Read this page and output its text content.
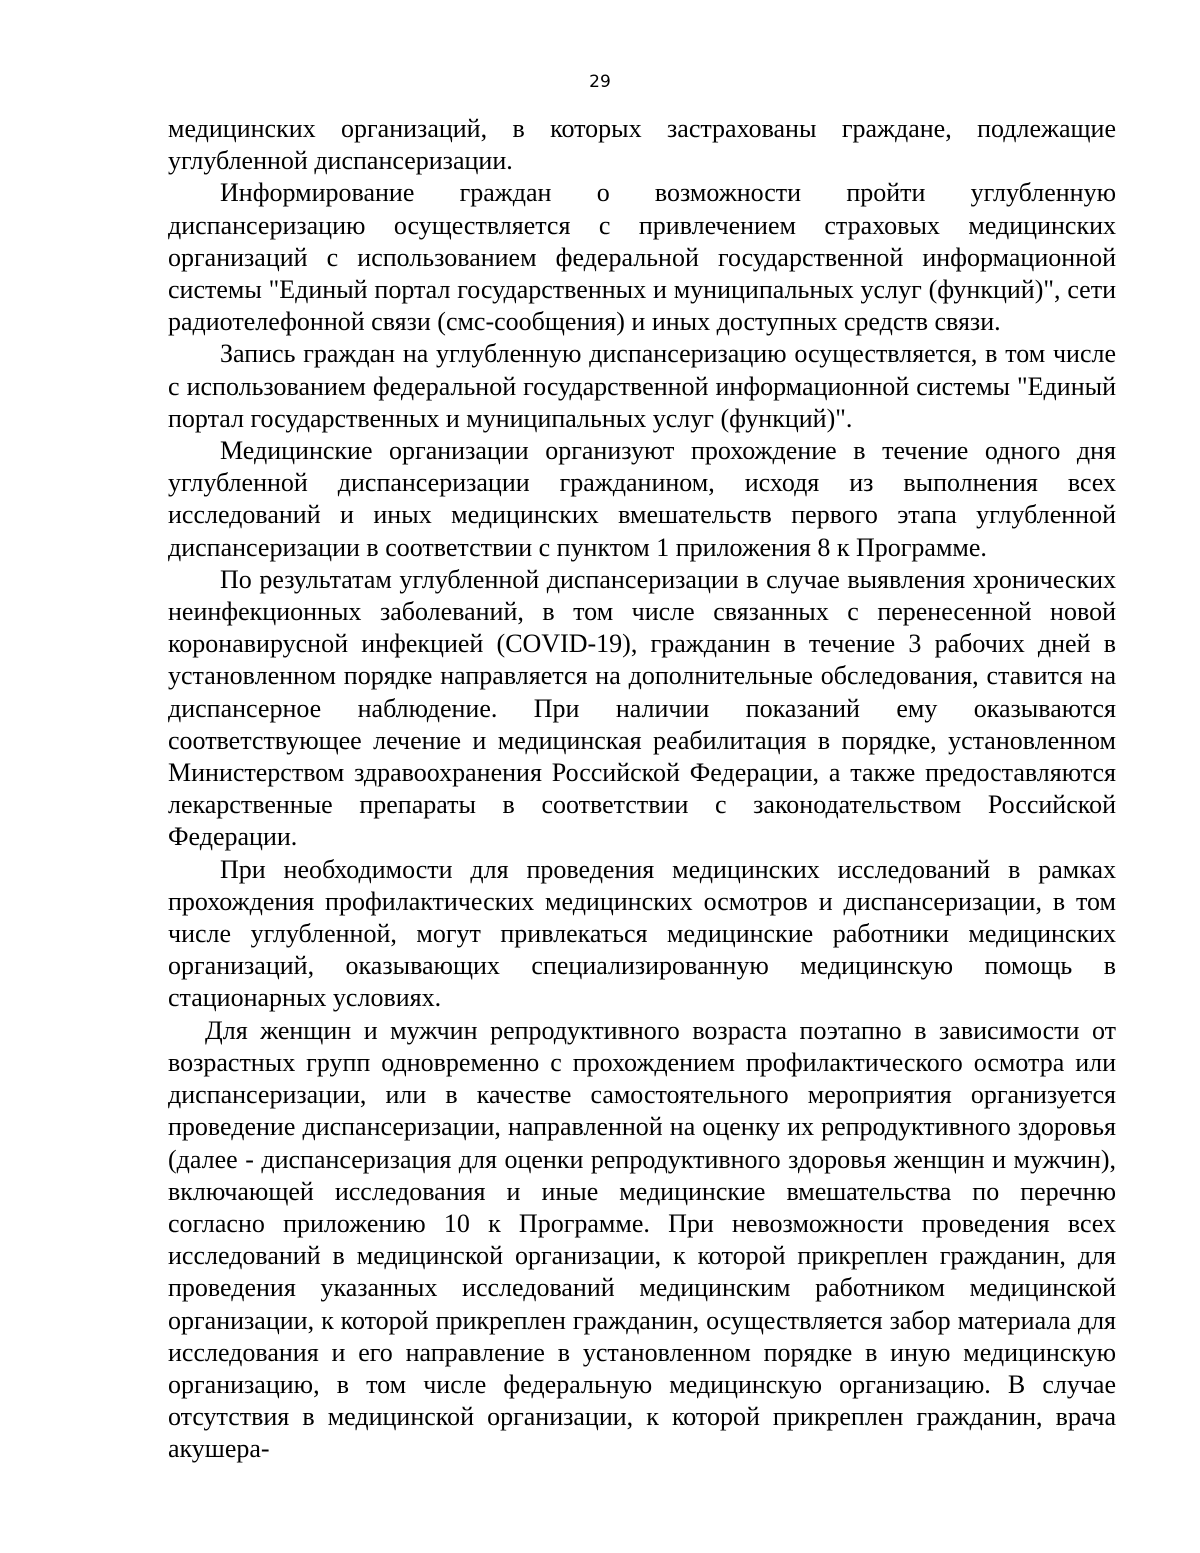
29

медицинских организаций, в которых застрахованы граждане, подлежащие углубленной диспансеризации.

Информирование граждан о возможности пройти углубленную диспансеризацию осуществляется с привлечением страховых медицинских организаций с использованием федеральной государственной информационной системы "Единый портал государственных и муниципальных услуг (функций)", сети радиотелефонной связи (смс-сообщения) и иных доступных средств связи.

Запись граждан на углубленную диспансеризацию осуществляется, в том числе с использованием федеральной государственной информационной системы "Единый портал государственных и муниципальных услуг (функций)".

Медицинские организации организуют прохождение в течение одного дня углубленной диспансеризации гражданином, исходя из выполнения всех исследований и иных медицинских вмешательств первого этапа углубленной диспансеризации в соответствии с пунктом 1 приложения 8 к Программе.

По результатам углубленной диспансеризации в случае выявления хронических неинфекционных заболеваний, в том числе связанных с перенесенной новой коронавирусной инфекцией (COVID-19), гражданин в течение 3 рабочих дней в установленном порядке направляется на дополнительные обследования, ставится на диспансерное наблюдение. При наличии показаний ему оказываются соответствующее лечение и медицинская реабилитация в порядке, установленном Министерством здравоохранения Российской Федерации, а также предоставляются лекарственные препараты в соответствии с законодательством Российской Федерации.

При необходимости для проведения медицинских исследований в рамках прохождения профилактических медицинских осмотров и диспансеризации, в том числе углубленной, могут привлекаться медицинские работники медицинских организаций, оказывающих специализированную медицинскую помощь в стационарных условиях.

Для женщин и мужчин репродуктивного возраста поэтапно в зависимости от возрастных групп одновременно с прохождением профилактического осмотра или диспансеризации, или в качестве самостоятельного мероприятия организуется проведение диспансеризации, направленной на оценку их репродуктивного здоровья (далее - диспансеризация для оценки репродуктивного здоровья женщин и мужчин), включающей исследования и иные медицинские вмешательства по перечню согласно приложению 10 к Программе. При невозможности проведения всех исследований в медицинской организации, к которой прикреплен гражданин, для проведения указанных исследований медицинским работником медицинской организации, к которой прикреплен гражданин, осуществляется забор материала для исследования и его направление в установленном порядке в иную медицинскую организацию, в том числе федеральную медицинскую организацию. В случае отсутствия в медицинской организации, к которой прикреплен гражданин, врача акушера-
